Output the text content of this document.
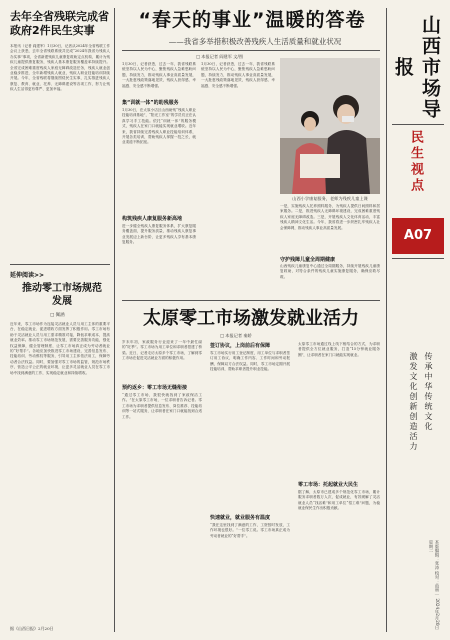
去年全省残联完成省政府2件民生实事
本报讯（记者 阎建军）1月30日，记者从2024年全省残联工作会议上获悉，去年全省残联系统共完成“2024年我省为残疾人办实事”事项，全省新建残疾儿童康复救助定点机构，累计为残疾儿童提供康复服务，残疾人基本康复服务覆盖率持续提升。全省完成困难重度残疾人家庭无障碍改造任务，残疾人就业创业稳步推进，全年新增残疾人就业，残疾人职业技能培训持续开展。今年，全省残联将继续围绕民生实事，扎实推进残疾人康复、教育、就业、托养、无障碍建设等各项工作，努力让残疾人生活得更有尊严、更加幸福。
延伸阅读>>
推动零工市场规范发展
□ 佩涵
近年来，零工市场作为连接灵活就业人员与用工主体的重要平台，在稳定就业、促进增收方面发挥了积极作用。零工市场有助于灵活就业人员与用工需求精准对接，降低求职成本，提高就业效率。推动零工市场规范发展，需要完善服务功能，强化权益保障，健全管理制度，让零工市场真正成为劳动者就业的“好帮手”。各地应加快推进零工市场建设，完善信息发布、技能培训、劳动维权等服务，引导用工主体依法用工，保障劳动者合法权益。同时，要加强对零工市场的监管，规范市场秩序，营造公平公正的就业环境，让更多灵活就业人员在零工市场中找到满意的工作，实现稳定就业和持续增收。
据《山西日报》2月20日
“春天的事业”温暖的答卷
——我省多举措积极改善残疾人生活质量和就业状况
□ 本报记者 阎建军 文/图
1月30日，记者获悉，过去一年，我省残联系统坚持以人民为中心，聚焦残疾人急难愁盼问题，持续发力，推动残疾人事业高质量发展，一大批惠残政策落地见效，残疾人获得感、幸福感、安全感不断增强。
集“训就一体”的助残服务
1月30日，在太原小店区山西助残“残疾人职业技能培训基地”，“阳光工作室”的学员们正在认真学习手工技能。依托“训就一体”的服务模式，残疾人在家门口就能实现就业增收。近年来，我省持续完善残疾人职业技能培训体系，开展各类培训，帮助残疾人掌握一技之长，就业渠道不断拓宽。
构筑残疾人康复服务新高地
进一步健全残疾人康复服务体系，扩大康复服务覆盖面，提升服务质量，推动残疾人康复事业发展迈上新台阶，让更多残疾人享有基本康复服务。
1月30日，记者获悉，过去一年，我省残联系统坚持以人民为中心，聚焦残疾人急难愁盼问题，持续发力，推动残疾人事业高质量发展，一大批惠残政策落地见效，残疾人获得感、幸福感、安全感不断增强。
山西小学康复服务，老师为残疾儿童上课
一是，实施残疾人托养照料服务，为残疾人提供日间照料和居家服务。二是，推进残疾人无障碍环境建设，完成困难重度残疾人家庭无障碍改造。三是，开展残疾人文化体育活动，丰富残疾人精神文化生活。今年，我省将进一步织密扎牢残疾人社会保障网，推动残疾人事业高质量发展。
守护残障儿童全周期健康
山西残疾儿童康复中心通过全周期服务，持续开展残疾儿童康复救助，对符合条件的残疾儿童实施康复服务，确保应救尽救。
太原零工市场激发就业活力
□ 本报记者 秦娇
岁末年初，家政服务行业迎来了一年中最忙碌的“旺季”。零工市场为用工单位和求职者搭建了桥梁。近日，记者走访太原多个零工市场，了解到零工市场在促进灵活就业方面的积极作用。
预约返乡：零工市场无缝衔接
“通过零工市场，我很快就找到了家政保洁工作。”在太原零工市场，一位求职者告诉记者。零工市场为求职者提供信息发布、岗位推荐、技能培训等一站式服务，让求职者在家门口就能找到合适工作。
签订协议，上岗前后有保障
零工市场实行用工登记制度，用工单位与求职者签订用工协议，明确工作内容、工作时间和劳动报酬，保障双方合法权益。同时，零工市场定期开展技能培训，帮助求职者提升职业技能。
快速就业，就业服务有温度
“我在这里找到了满意的工作，工资按时发放，工作环境也很好。”一位零工说。零工市场真正成为劳动者就业的“好帮手”。
太原零工市场通过线上线下相结合的方式，为求职者提供全方位就业服务，打造“15分钟就业服务圈”，让求职者在家门口就能实现就业。
零工市场：托起就业大民生
据了解，太原市已建成多个规范化零工市场，累计服务求职者数万人次，促成就业，有效缓解了灵活就业人员“找活难”和用工单位“招工难”问题，为稳就业保民生作出积极贡献。
山西市场导报
民生视点
A07
传承中华传统文化
激发文化创新创造活力
本版编辑：张涛 校对：苗丽 ｜ 2024年2月20日 星期二
